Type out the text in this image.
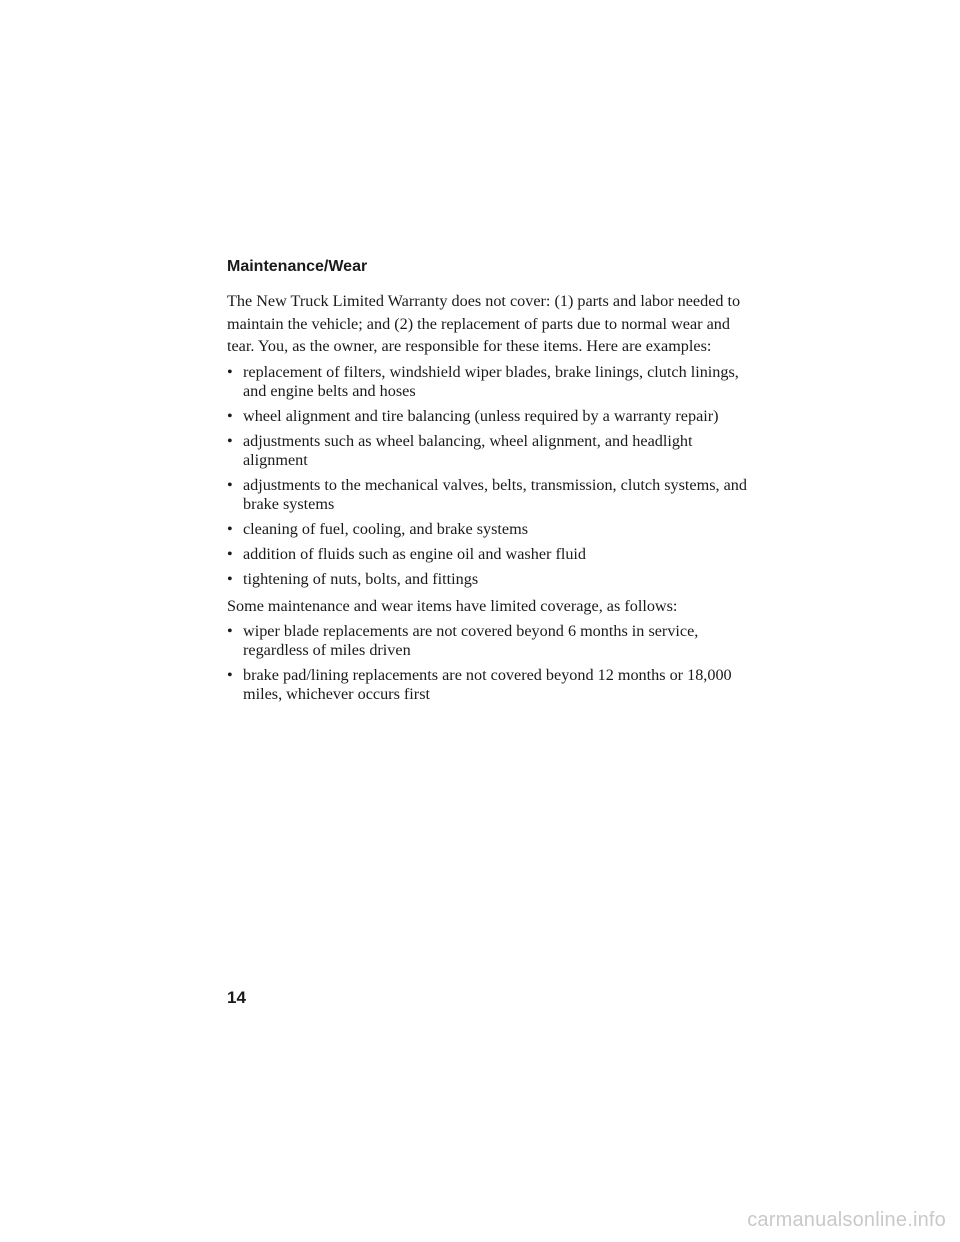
Maintenance/Wear

The New Truck Limited Warranty does not cover: (1) parts and labor needed to maintain the vehicle; and (2) the replacement of parts due to normal wear and tear. You, as the owner, are responsible for these items. Here are examples:

• replacement of filters, windshield wiper blades, brake linings, clutch linings, and engine belts and hoses
• wheel alignment and tire balancing (unless required by a warranty repair)
• adjustments such as wheel balancing, wheel alignment, and headlight alignment
• adjustments to the mechanical valves, belts, transmission, clutch systems, and brake systems
• cleaning of fuel, cooling, and brake systems
• addition of fluids such as engine oil and washer fluid
• tightening of nuts, bolts, and fittings

Some maintenance and wear items have limited coverage, as follows:

• wiper blade replacements are not covered beyond 6 months in service, regardless of miles driven
• brake pad/lining replacements are not covered beyond 12 months or 18,000 miles, whichever occurs first

14

carmanualsonline.info
